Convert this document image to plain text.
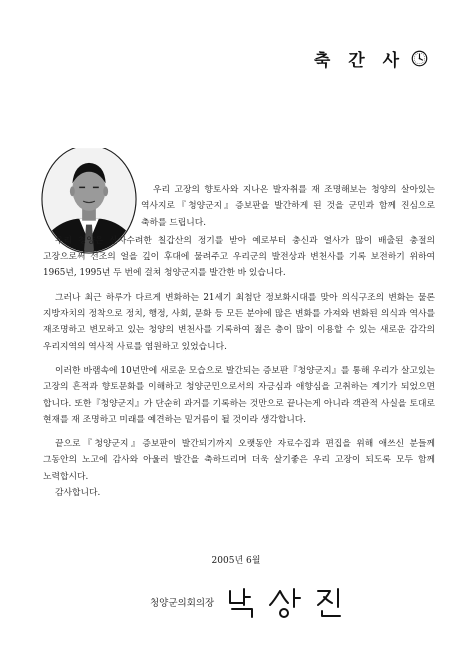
축 간 사

우리 고장의 향토사와 지나온 발자취를 재 조명해보는 청양의 살아있는 역사지로『청양군지』증보판을 발간하게 된 것을 군민과 함께 진심으로 축하를 드립니다.

우리 청양은 산자수려한 칠갑산의 정기를 받아 예로부터 충신과 열사가 많이 배출된 충절의 고장으로써 선조의 얼을 깊이 후대에 물려주고 우리군의 발전상과 변천사를 기록 보전하기 위하여 1965년, 1995년 두 번에 걸쳐 청양군지를 발간한 바 있습니다.

그러나 최근 하루가 다르게 변화하는 21세기 최첨단 정보화시대를 맞아 의식구조의 변화는 물론 지방자치의 정착으로 정치, 행정, 사회, 문화 등 모든 분야에 많은 변화를 가져와 변화된 의식과 역사를 재조명하고 변모하고 있는 청양의 변천사를 기록하여 젊은 층이 많이 이용할 수 있는 새로운 감각의 우리지역의 역사적 사료를 염원하고 있었습니다.

이러한 바램속에 10년만에 새로운 모습으로 발간되는 증보판『청양군지』를 통해 우리가 살고있는 고장의 흔적과 향토문화를 이해하고 청양군민으로서의 자긍심과 애향심을 고취하는 계기가 되었으면 합니다. 또한『청양군지』가 단순히 과거를 기록하는 것만으로 끝나는게 아니라 객관적 사실을 토대로 현재를 재 조명하고 미래를 예견하는 밑거름이 될 것이라 생각합니다.

끝으로『청양군지』증보판이 발간되기까지 오랫동안 자료수집과 편집을 위해 애쓰신 분들께 그동안의 노고에 감사와 아울러 발간을 축하드리며 더욱 살기좋은 우리 고장이 되도록 모두 함께 노력합시다.

감사합니다.

2005년 6월
청양군의회의장
